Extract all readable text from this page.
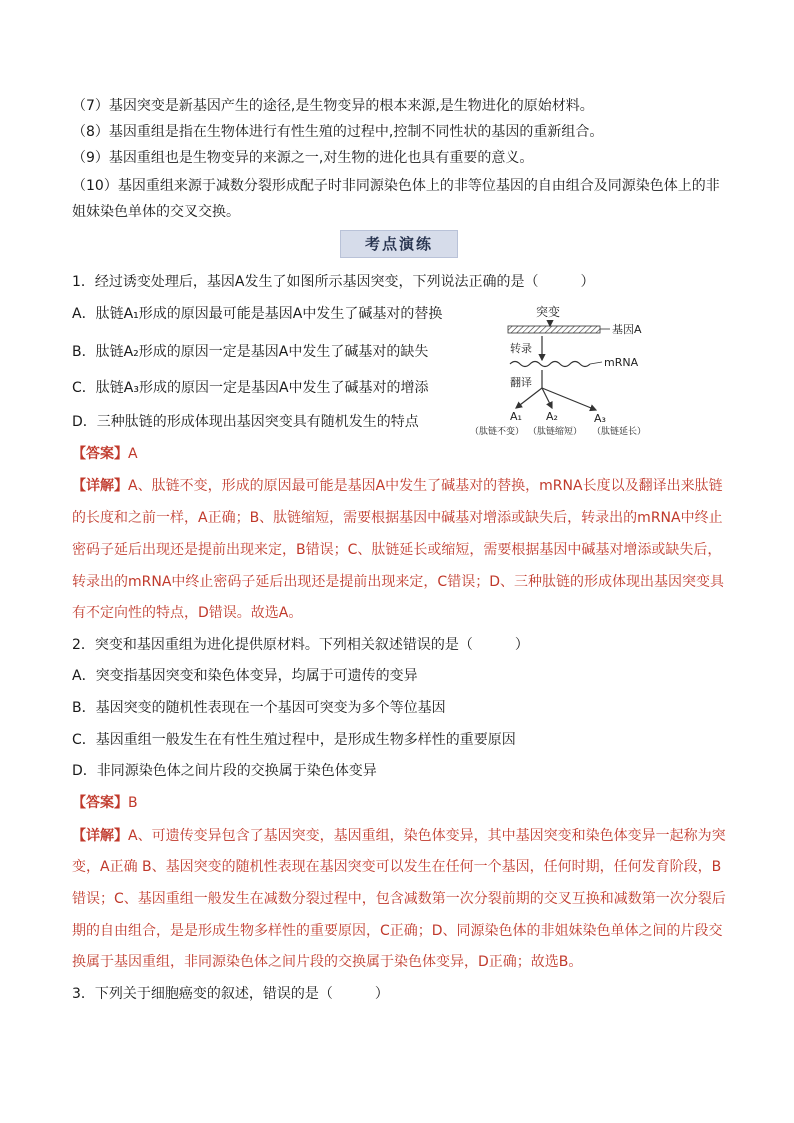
（7）基因突变是新基因产生的途径,是生物变异的根本来源,是生物进化的原始材料。
（8）基因重组是指在生物体进行有性生殖的过程中,控制不同性状的基因的重新组合。
（9）基因重组也是生物变异的来源之一,对生物的进化也具有重要的意义。
（10）基因重组来源于减数分裂形成配子时非同源染色体上的非等位基因的自由组合及同源染色体上的非
姐妹染色单体的交叉交换。
考点演练
1．经过诱变处理后，基因A发生了如图所示基因突变，下列说法正确的是（　　　）
A．肽链A₁形成的原因最可能是基因A中发生了碱基对的替换
B．肽链A₂形成的原因一定是基因A中发生了碱基对的缺失
C．肽链A₃形成的原因一定是基因A中发生了碱基对的增添
D．三种肽链的形成体现出基因突变具有随机发生的特点
突变
基因A
转录
mRNA
翻译
A₁ A₂	A₃
（肽链不变） （肽链缩短） （肽链延长）
【答案】A
【详解】A、肽链不变，形成的原因最可能是基因A中发生了碱基对的替换，mRNA长度以及翻译出来肽链
的长度和之前一样，A正确；B、肽链缩短，需要根据基因中碱基对增添或缺失后，转录出的mRNA中终止
密码子延后出现还是提前出现来定，B错误；C、肽链延长或缩短，需要根据基因中碱基对增添或缺失后，
转录出的mRNA中终止密码子延后出现还是提前出现来定，C错误；D、三种肽链的形成体现出基因突变具
有不定向性的特点，D错误。故选A。
2．突变和基因重组为进化提供原材料。下列相关叙述错误的是（　　　）
A．突变指基因突变和染色体变异，均属于可遗传的变异
B．基因突变的随机性表现在一个基因可突变为多个等位基因
C．基因重组一般发生在有性生殖过程中，是形成生物多样性的重要原因
D．非同源染色体之间片段的交换属于染色体变异
【答案】B
【详解】A、可遗传变异包含了基因突变，基因重组，染色体变异，其中基因突变和染色体变异一起称为突
变，A正确 B、基因突变的随机性表现在基因突变可以发生在任何一个基因，任何时期，任何发育阶段，B
错误；C、基因重组一般发生在减数分裂过程中，包含减数第一次分裂前期的交叉互换和减数第一次分裂后
期的自由组合，是是形成生物多样性的重要原因，C正确；D、同源染色体的非姐妹染色单体之间的片段交
换属于基因重组，非同源染色体之间片段的交换属于染色体变异，D正确；故选B。
3．下列关于细胞癌变的叙述，错误的是（　　　）
